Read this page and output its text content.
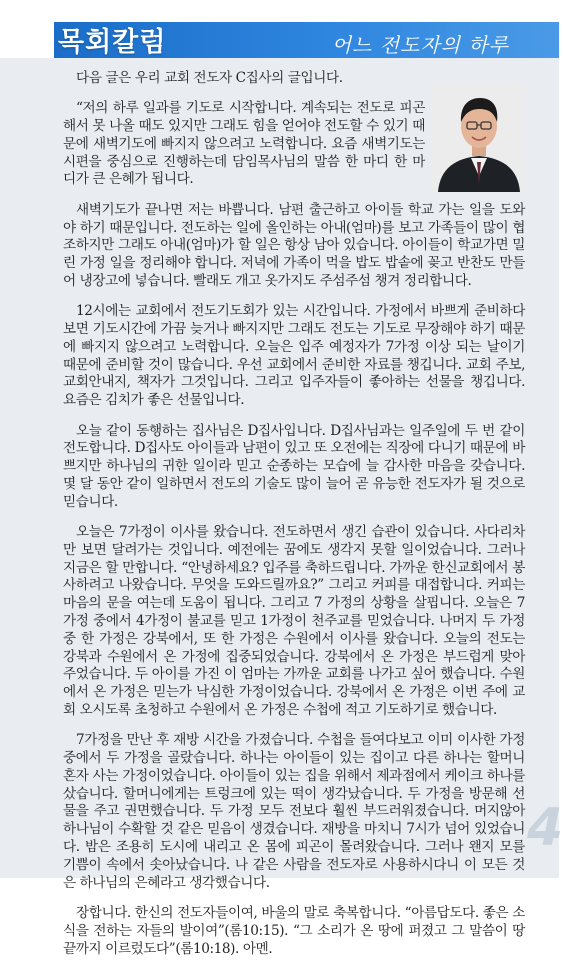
목회칼럼	어느 전도자의 하루

다음 글은 우리 교회 전도자 C집사의 글입니다.

“저의 하루 일과를 기도로 시작합니다. 계속되는 전도로 피곤해서 못 나올 때도 있지만 그래도 힘을 얻어야 전도할 수 있기 때문에 새벽기도에 빠지지 않으려고 노력합니다. 요즘 새벽기도는 시편을 중심으로 진행하는데 담임목사님의 말씀 한 마디 한 마디가 큰 은혜가 됩니다.

새벽기도가 끝나면 저는 바쁩니다. 남편 출근하고 아이들 학교 가는 일을 도와야 하기 때문입니다. 전도하는 일에 올인하는 아내(엄마)를 보고 가족들이 많이 협조하지만 그래도 아내(엄마)가 할 일은 항상 남아 있습니다. 아이들이 학교가면 밀린 가정 일을 정리해야 합니다. 저녁에 가족이 먹을 밥도 밥솥에 꽂고 반찬도 만들어 냉장고에 넣습니다. 빨래도 개고 옷가지도 주섬주섬 챙겨 정리합니다.

12시에는 교회에서 전도기도회가 있는 시간입니다. 가정에서 바쁘게 준비하다 보면 기도시간에 가끔 늦거나 빠지지만 그래도 전도는 기도로 무장해야 하기 때문에 빠지지 않으려고 노력합니다. 오늘은 입주 예정자가 7가정 이상 되는 날이기 때문에 준비할 것이 많습니다. 우선 교회에서 준비한 자료를 챙깁니다. 교회 주보, 교회안내지, 책자가 그것입니다. 그리고 입주자들이 좋아하는 선물을 챙깁니다. 요즘은 김치가 좋은 선물입니다.

오늘 같이 동행하는 집사님은 D집사입니다. D집사님과는 일주일에 두 번 같이 전도합니다. D집사도 아이들과 남편이 있고 또 오전에는 직장에 다니기 때문에 바쁘지만 하나님의 귀한 일이라 믿고 순종하는 모습에 늘 감사한 마음을 갖습니다. 몇 달 동안 같이 일하면서 전도의 기술도 많이 늘어 곧 유능한 전도자가 될 것으로 믿습니다.

오늘은 7가정이 이사를 왔습니다. 전도하면서 생긴 습관이 있습니다. 사다리차만 보면 달려가는 것입니다. 예전에는 꿈에도 생각지 못할 일이었습니다. 그러나 지금은 할 만합니다. “안녕하세요? 입주를 축하드립니다. 가까운 한신교회에서 봉사하려고 나왔습니다. 무엇을 도와드릴까요?” 그리고 커피를 대접합니다. 커피는 마음의 문을 여는데 도움이 됩니다. 그리고 7 가정의 상황을 살핍니다. 오늘은 7가정 중에서 4가정이 불교를 믿고 1가정이 천주교를 믿었습니다. 나머지 두 가정 중 한 가정은 강북에서, 또 한 가정은 수원에서 이사를 왔습니다. 오늘의 전도는 강북과 수원에서 온 가정에 집중되었습니다. 강북에서 온 가정은 부드럽게 맞아 주었습니다. 두 아이를 가진 이 엄마는 가까운 교회를 나가고 싶어 했습니다. 수원에서 온 가정은 믿는가 낙심한 가정이었습니다. 강북에서 온 가정은 이번 주에 교회 오시도록 초청하고 수원에서 온 가정은 수첩에 적고 기도하기로 했습니다.

7가정을 만난 후 재방 시간을 가졌습니다. 수첩을 들여다보고 이미 이사한 가정 중에서 두 가정을 골랐습니다. 하나는 아이들이 있는 집이고 다른 하나는 할머니 혼자 사는 가정이었습니다. 아이들이 있는 집을 위해서 제과점에서 케이크 하나를 샀습니다. 할머니에게는 트렁크에 있는 떡이 생각났습니다. 두 가정을 방문해 선물을 주고 권면했습니다. 두 가정 모두 전보다 훨씬 부드러워졌습니다. 머지않아 하나님이 수확할 것 같은 믿음이 생겼습니다. 재방을 마치니 7시가 넘어 있었습니다. 밤은 조용히 도시에 내리고 온 몸에 피곤이 몰려왔습니다. 그러나 왠지 모를 기쁨이 속에서 솟아났습니다. 나 같은 사람을 전도자로 사용하시다니 이 모든 것은 하나님의 은혜라고 생각했습니다.

장합니다. 한신의 전도자들이여, 바울의 말로 축복합니다. “아름답도다. 좋은 소식을 전하는 자들의 발이여”(롬10:15). “그 소리가 온 땅에 퍼졌고 그 말씀이 땅 끝까지 이르렀도다”(롬10:18). 아멘.

4
